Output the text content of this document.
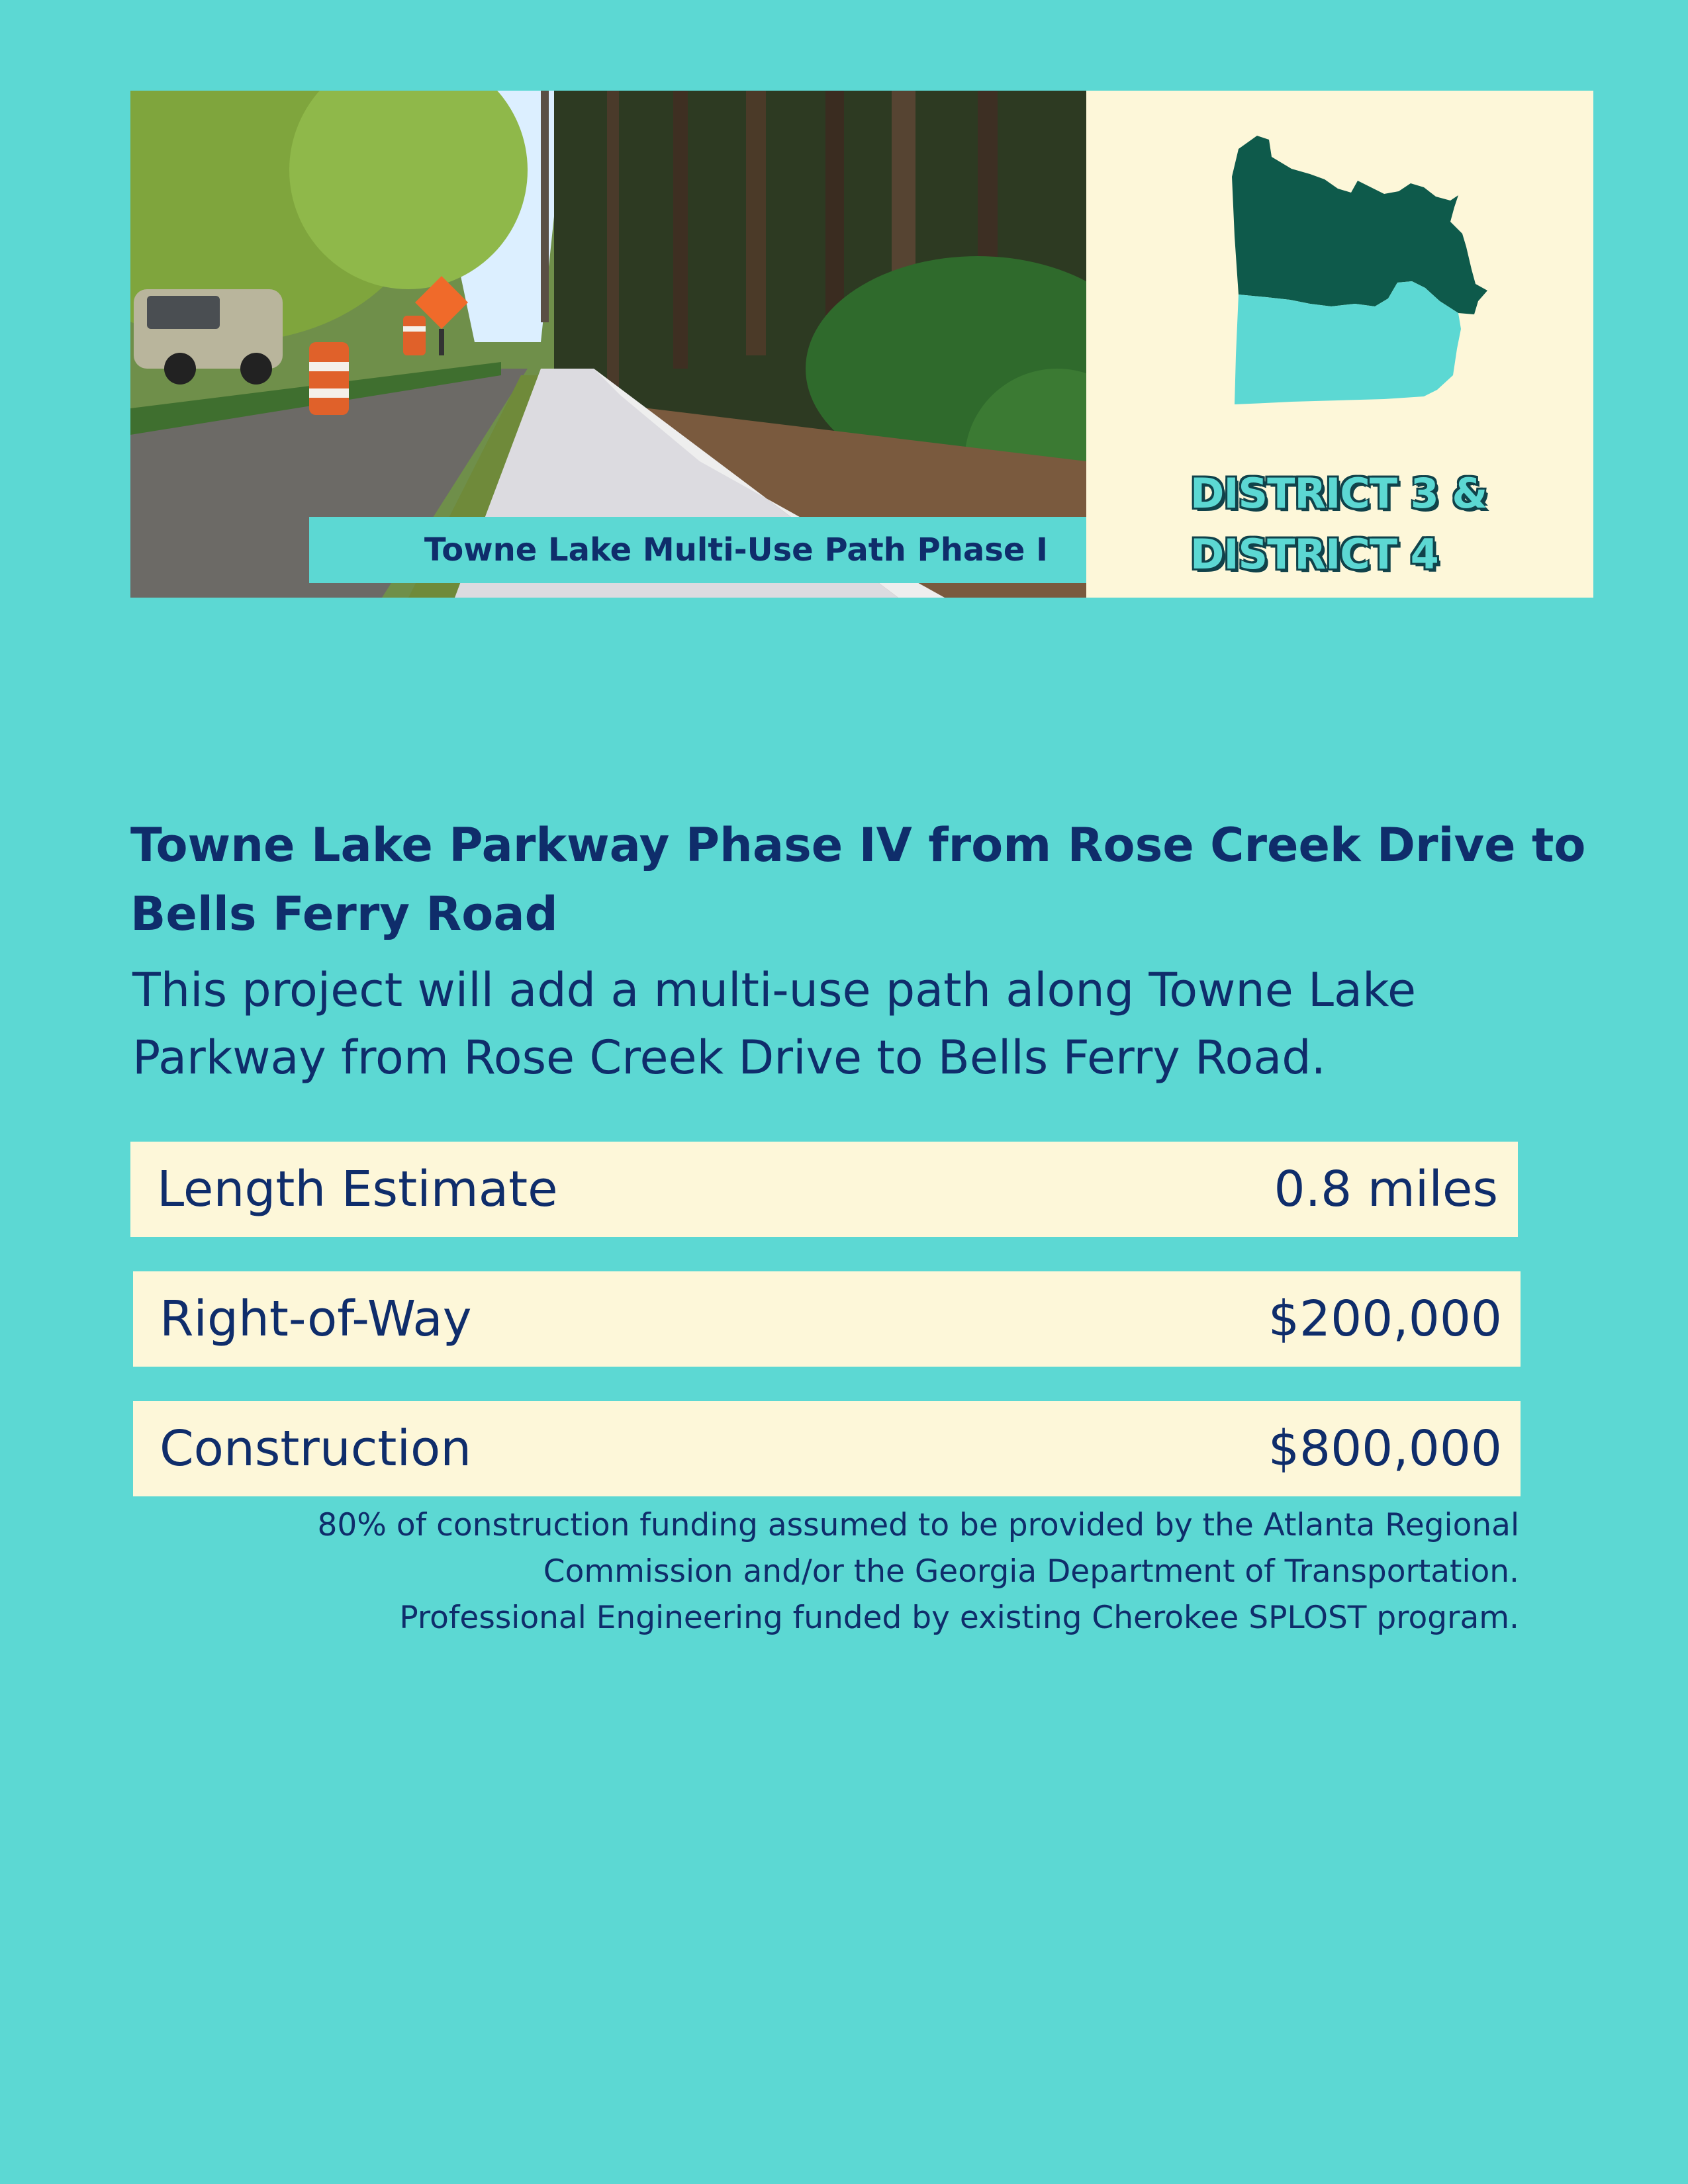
Towne Lake Multi-Use Path Phase I
DISTRICT 3 &
DISTRICT 4
Towne Lake Parkway Phase IV from Rose Creek Drive to Bells Ferry Road

This project will add a multi-use path along Towne Lake Parkway from Rose Creek Drive to Bells Ferry Road.

Length Estimate	0.8 miles
Right-of-Way	$200,000
Construction	$800,000
80% of construction funding assumed to be provided by the Atlanta Regional
Commission and/or the Georgia Department of Transportation.
Professional Engineering funded by existing Cherokee SPLOST program.
